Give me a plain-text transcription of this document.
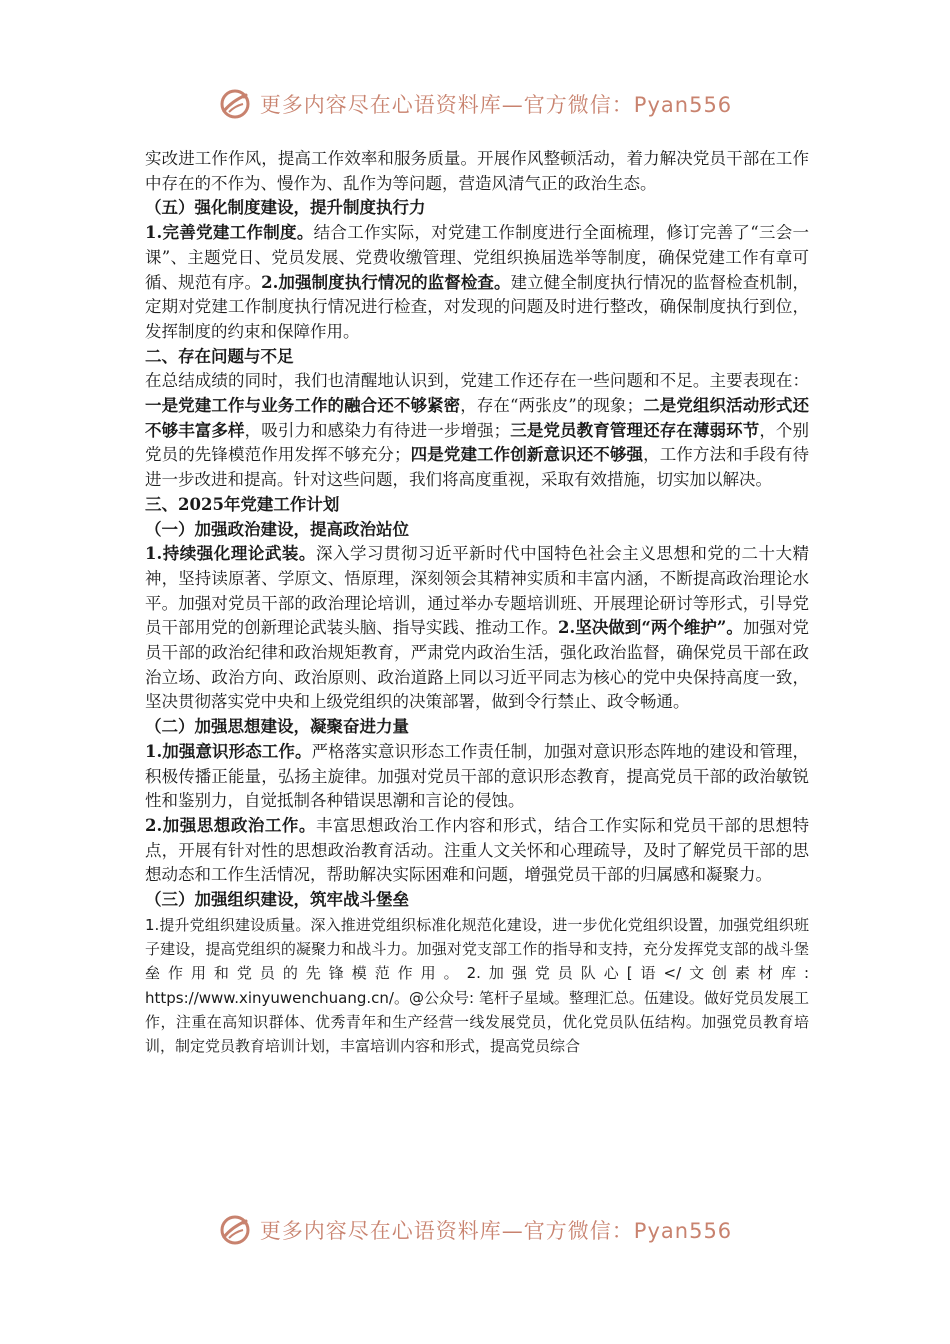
更多内容尽在心语资料库—官方微信：Pyan556

实改进工作作风，提高工作效率和服务质量。开展作风整顿活动，着力解决党员干部在工作中存在的不作为、慢作为、乱作为等问题，营造风清气正的政治生态。

（五）强化制度建设，提升制度执行力

1.完善党建工作制度。结合工作实际，对党建工作制度进行全面梳理，修订完善了“三会一课”、主题党日、党员发展、党费收缴管理、党组织换届选举等制度，确保党建工作有章可循、规范有序。2.加强制度执行情况的监督检查。建立健全制度执行情况的监督检查机制，定期对党建工作制度执行情况进行检查，对发现的问题及时进行整改，确保制度执行到位，发挥制度的约束和保障作用。

二、存在问题与不足

在总结成绩的同时，我们也清醒地认识到，党建工作还存在一些问题和不足。主要表现在：一是党建工作与业务工作的融合还不够紧密，存在“两张皮”的现象；二是党组织活动形式还不够丰富多样，吸引力和感染力有待进一步增强；三是党员教育管理还存在薄弱环节，个别党员的先锋模范作用发挥不够充分；四是党建工作创新意识还不够强，工作方法和手段有待进一步改进和提高。针对这些问题，我们将高度重视，采取有效措施，切实加以解决。

三、2025年党建工作计划

（一）加强政治建设，提高政治站位

1.持续强化理论武装。深入学习贯彻习近平新时代中国特色社会主义思想和党的二十大精神，坚持读原著、学原文、悟原理，深刻领会其精神实质和丰富内涵，不断提高政治理论水平。加强对党员干部的政治理论培训，通过举办专题培训班、开展理论研讨等形式，引导党员干部用党的创新理论武装头脑、指导实践、推动工作。2.坚决做到“两个维护”。加强对党员干部的政治纪律和政治规矩教育，严肃党内政治生活，强化政治监督，确保党员干部在政治立场、政治方向、政治原则、政治道路上同以习近平同志为核心的党中央保持高度一致，坚决贯彻落实党中央和上级党组织的决策部署，做到令行禁止、政令畅通。

（二）加强思想建设，凝聚奋进力量

1.加强意识形态工作。严格落实意识形态工作责任制，加强对意识形态阵地的建设和管理，积极传播正能量，弘扬主旋律。加强对党员干部的意识形态教育，提高党员干部的政治敏锐性和鉴别力，自觉抵制各种错误思潮和言论的侵蚀。

2.加强思想政治工作。丰富思想政治工作内容和形式，结合工作实际和党员干部的思想特点，开展有针对性的思想政治教育活动。注重人文关怀和心理疏导，及时了解党员干部的思想动态和工作生活情况，帮助解决实际困难和问题，增强党员干部的归属感和凝聚力。

（三）加强组织建设，筑牢战斗堡垒

1.提升党组织建设质量。深入推进党组织标准化规范化建设，进一步优化党组织设置，加强党组织班子建设，提高党组织的凝聚力和战斗力。加强对党支部工作的指导和支持，充分发挥党支部的战斗堡垒作用和党员的先锋模范作用。2.加强党员队心[语</文创素材库: https://www.xinyuwenchuang.cn/。@公众号: 笔杆子星域。整理汇总。伍建设。做好党员发展工作，注重在高知识群体、优秀青年和生产经营一线发展党员，优化党员队伍结构。加强党员教育培训，制定党员教育培训计划，丰富培训内容和形式，提高党员综合

更多内容尽在心语资料库—官方微信：Pyan556
